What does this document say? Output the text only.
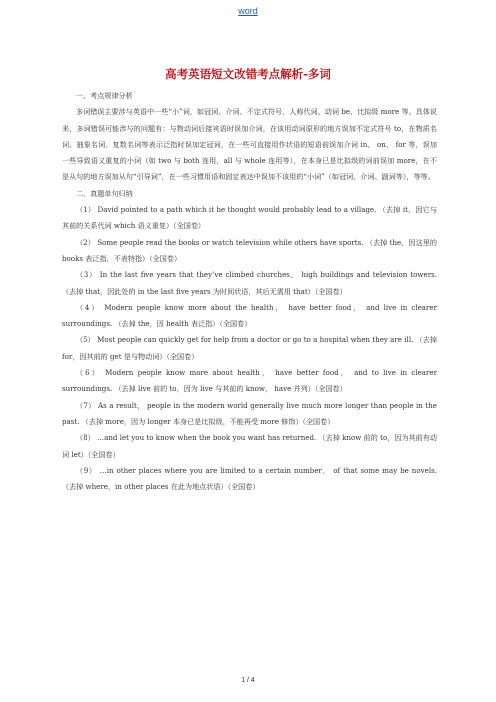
word
高考英语短文改错考点解析-多词

一、考点规律分析

多词错误主要涉与英语中一些“小”词，如冠词、介词、不定式符号、人称代词、动词 be、比拟级 more 等。具体说来，多词错误可能涉与的问题有：与物动词后接宾语时误加介词，在该用动词原形的地方误加不定式符号 to，在物质名词、抽象名词、复数名词等表示泛指时误加定冠词，在一些可直接用作状语的短语前误加介词 in、 on、 for 等，误加一些导致语义重复的小词（如 two 与 both 连用，all 与 whole 连用等），在本身已是比拟级的词前误加 more，在不是从句的地方误加从句“引导词”，在一些习惯用语和固定表达中误加不该用的“小词”（如冠词、介词、副词等），等等。

二、真题单句归纳

（1） David pointed to a path which it he thought would probably lead to a village. （去掉 it，因它与其前的关系代词 which 语义重复）（全国卷）

（2） Some people read the books or watch television while others have sports. （去掉 the，因这里的 books 表泛指，不表特指）（全国卷）

（3） In the last five years that they’ve climbed churches， high buildings and television towers. （去掉 that，因此处的 in the last five years 为时间状语，其后无需用 that）（全国卷）

（4） Modern people know more about the health， have better food， and live in clearer surroundings. （去掉 the，因 health 表泛指）（全国卷）

（5） Most people can quickly get for help from a doctor or go to a hospital when they are ill. （去掉 for，因其前的 get 是与物动词）（全国卷）

（6） Modern people know more about health， have better food， and to live in clearer surroundings. （去掉 live 前的 to，因为 live 与其前的 know， have 并列）（全国卷）

（7） As a result， people in the modern world generally live much more longer than people in the past. （去掉 more，因为 longer 本身已是比拟级，不能再受 more 修饰）（全国卷）

（8） …and let you to know when the book you want has returned. （去掉 know 前的 to，因为其前有动词 let）（全国卷）

（9） …in other places where you are limited to a certain number， of that some may be novels. （去掉 where，in other places 在此为地点状语）（全国卷）

1 / 4
